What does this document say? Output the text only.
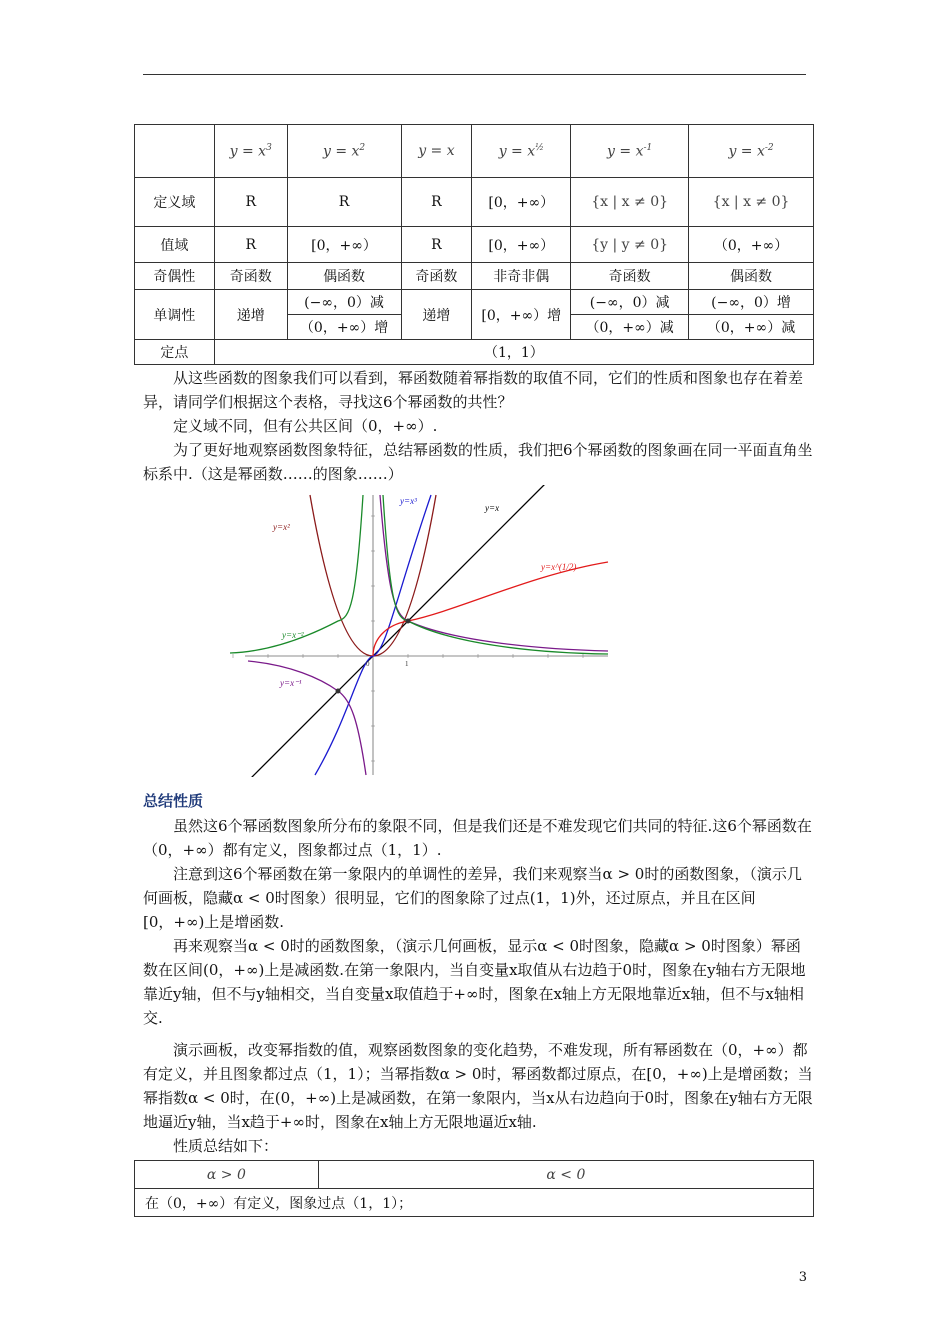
	$y = x^3$	$y = x^2$	y = x	$y = x^{\frac{1}{2}}$	$y = x^{-1}$	$y = x^{-2}$
定义域	R	R	R	[0，+∞）	{x | x ≠ 0}	{x | x ≠ 0}
值域	R	[0，+∞）	R	[0，+∞）	{y | y ≠ 0}	（0，+∞）
奇偶性	奇函数	偶函数	奇函数	非奇非偶	奇函数	偶函数
单调性	递增	(−∞，0）减	递增	[0，+∞）增	(−∞，0）减	(−∞，0）增
		（0，+∞）增			（0，+∞）减	（0，+∞）减
定点	（1，1）					

从这些函数的图象我们可以看到，幂函数随着幂指数的取值不同，它们的性质和图象也存在着差异，请同学们根据这个表格，寻找这6个幂函数的共性？

定义域不同，但有公共区间（0，+∞）.

为了更好地观察函数图象特征，总结幂函数的性质，我们把6个幂函数的图象画在同一平面直角坐标系中.（这是幂函数……的图象……）

y=x³
y=x
y=x²
y=x^(1/2)
y=x⁻²
y=x⁻¹
0	1
总结性质

虽然这6个幂函数图象所分布的象限不同，但是我们还是不难发现它们共同的特征.这6个幂函数在（0，+∞）都有定义，图象都过点（1，1）.

注意到这6个幂函数在第一象限内的单调性的差异，我们来观察当α > 0时的函数图象，（演示几何画板，隐藏α < 0时图象）很明显，它们的图象除了过点(1，1)外，还过原点，并且在区间[0，+∞)上是增函数.

再来观察当α < 0时的函数图象，（演示几何画板，显示α < 0时图象，隐藏α > 0时图象）幂函数在区间(0，+∞)上是减函数.在第一象限内，当自变量x取值从右边趋于0时，图象在y轴右方无限地靠近y轴，但不与y轴相交，当自变量x取值趋于+∞时，图象在x轴上方无限地靠近x轴，但不与x轴相交.

演示画板，改变幂指数的值，观察函数图象的变化趋势，不难发现，所有幂函数在（0，+∞）都有定义，并且图象都过点（1，1）；当幂指数α > 0时，幂函数都过原点，在[0，+∞)上是增函数；当幂指数α < 0时，在(0，+∞)上是减函数，在第一象限内，当x从右边趋向于0时，图象在y轴右方无限地逼近y轴，当x趋于+∞时，图象在x轴上方无限地逼近x轴.

性质总结如下：

α > 0	α < 0
在（0，+∞）有定义，图象过点（1，1）；
3
